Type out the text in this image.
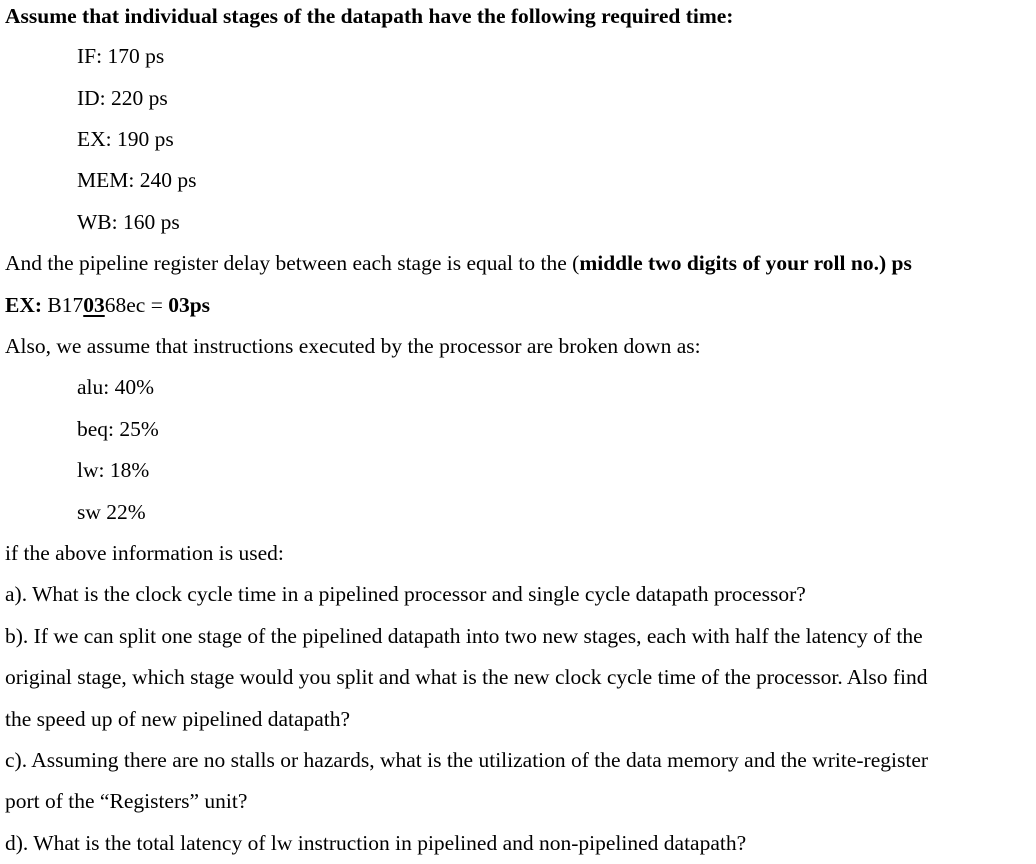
Assume that individual stages of the datapath have the following required time:
IF: 170 ps
ID: 220 ps
EX: 190 ps
MEM: 240 ps
WB: 160 ps
And the pipeline register delay between each stage is equal to the (middle two digits of your roll no.) ps
EX: B170368ec = 03ps
Also, we assume that instructions executed by the processor are broken down as:
alu: 40%
beq: 25%
lw: 18%
sw 22%
if the above information is used:
a). What is the clock cycle time in a pipelined processor and single cycle datapath processor?
b). If we can split one stage of the pipelined datapath into two new stages, each with half the latency of the
original stage, which stage would you split and what is the new clock cycle time of the processor. Also find
the speed up of new pipelined datapath?
c). Assuming there are no stalls or hazards, what is the utilization of the data memory and the write-register
port of the “Registers” unit?
d). What is the total latency of lw instruction in pipelined and non-pipelined datapath?
